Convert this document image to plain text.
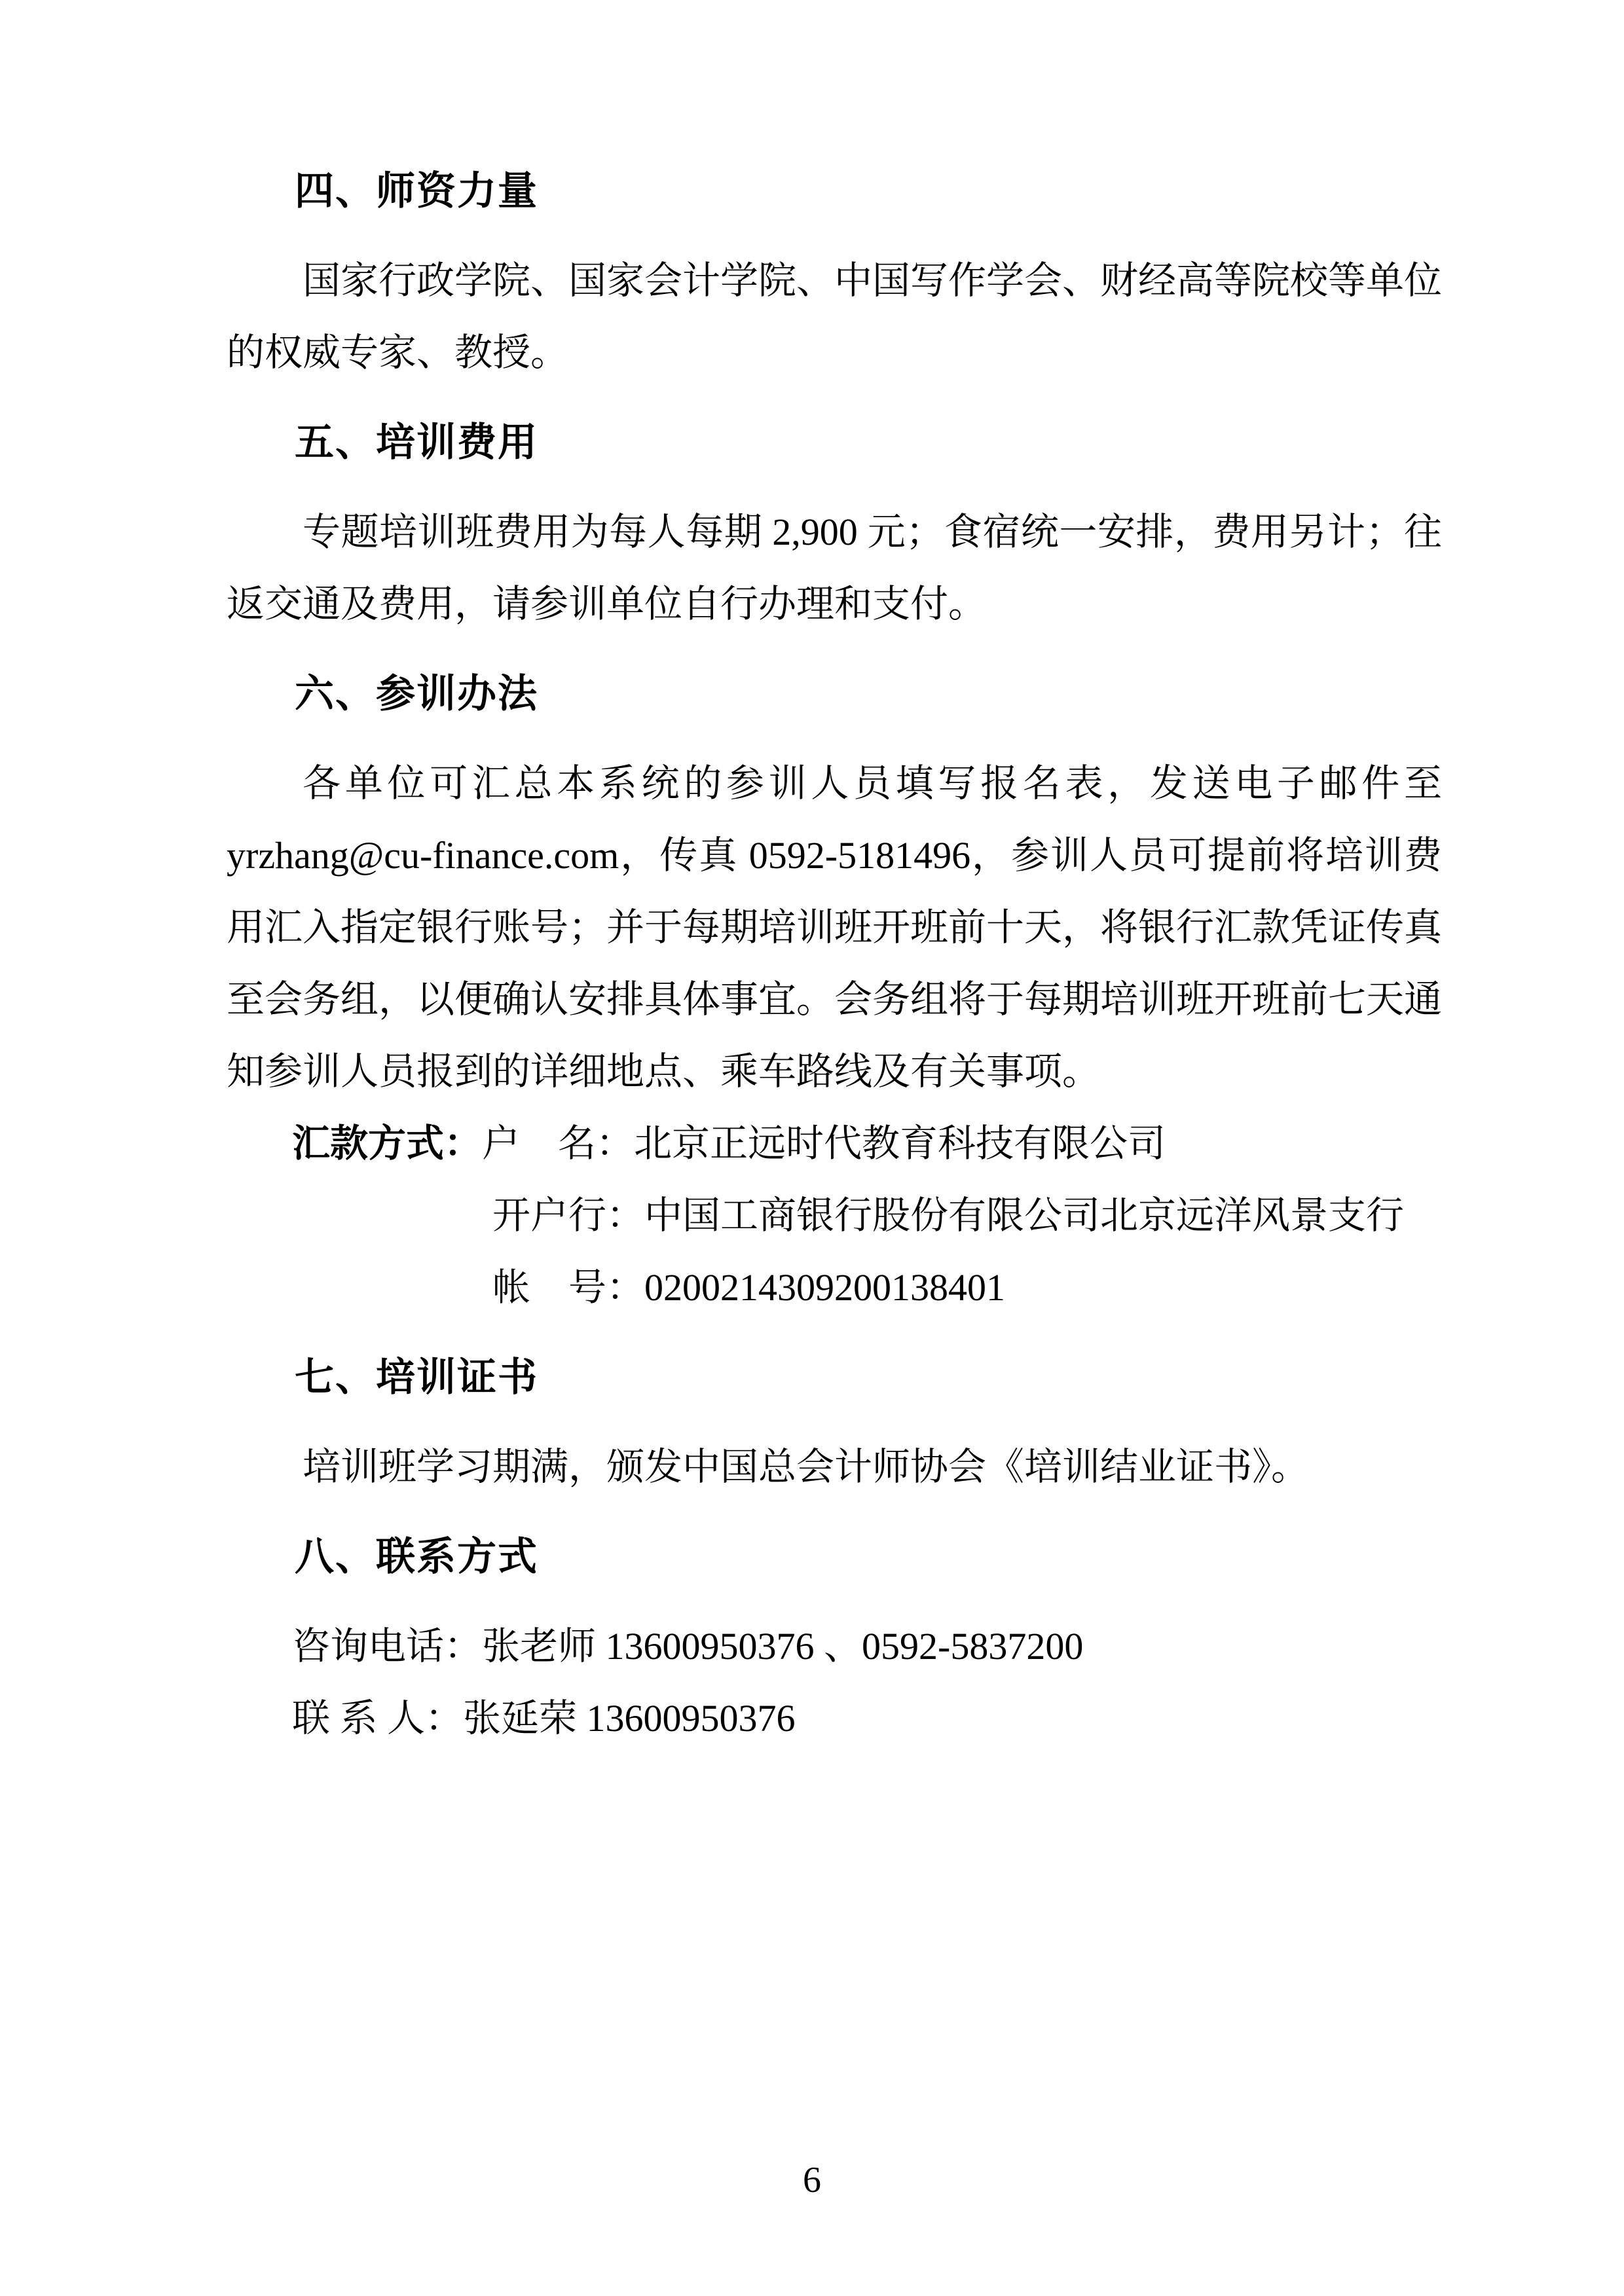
四、师资力量

国家行政学院、国家会计学院、中国写作学会、财经高等院校等单位的权威专家、教授。

五、培训费用

专题培训班费用为每人每期 2,900 元；食宿统一安排，费用另计；往返交通及费用，请参训单位自行办理和支付。

六、参训办法

各单位可汇总本系统的参训人员填写报名表，发送电子邮件至yrzhang@cu-finance.com，传真 0592-5181496，参训人员可提前将培训费用汇入指定银行账号；并于每期培训班开班前十天，将银行汇款凭证传真至会务组，以便确认安排具体事宜。会务组将于每期培训班开班前七天通知参训人员报到的详细地点、乘车路线及有关事项。

汇款方式：户　名：北京正远时代教育科技有限公司

开户行：中国工商银行股份有限公司北京远洋风景支行

帐　号：0200214309200138401

七、培训证书

培训班学习期满，颁发中国总会计师协会《培训结业证书》。

八、联系方式

咨询电话：张老师 13600950376 、0592-5837200

联 系 人：张延荣 13600950376

6
